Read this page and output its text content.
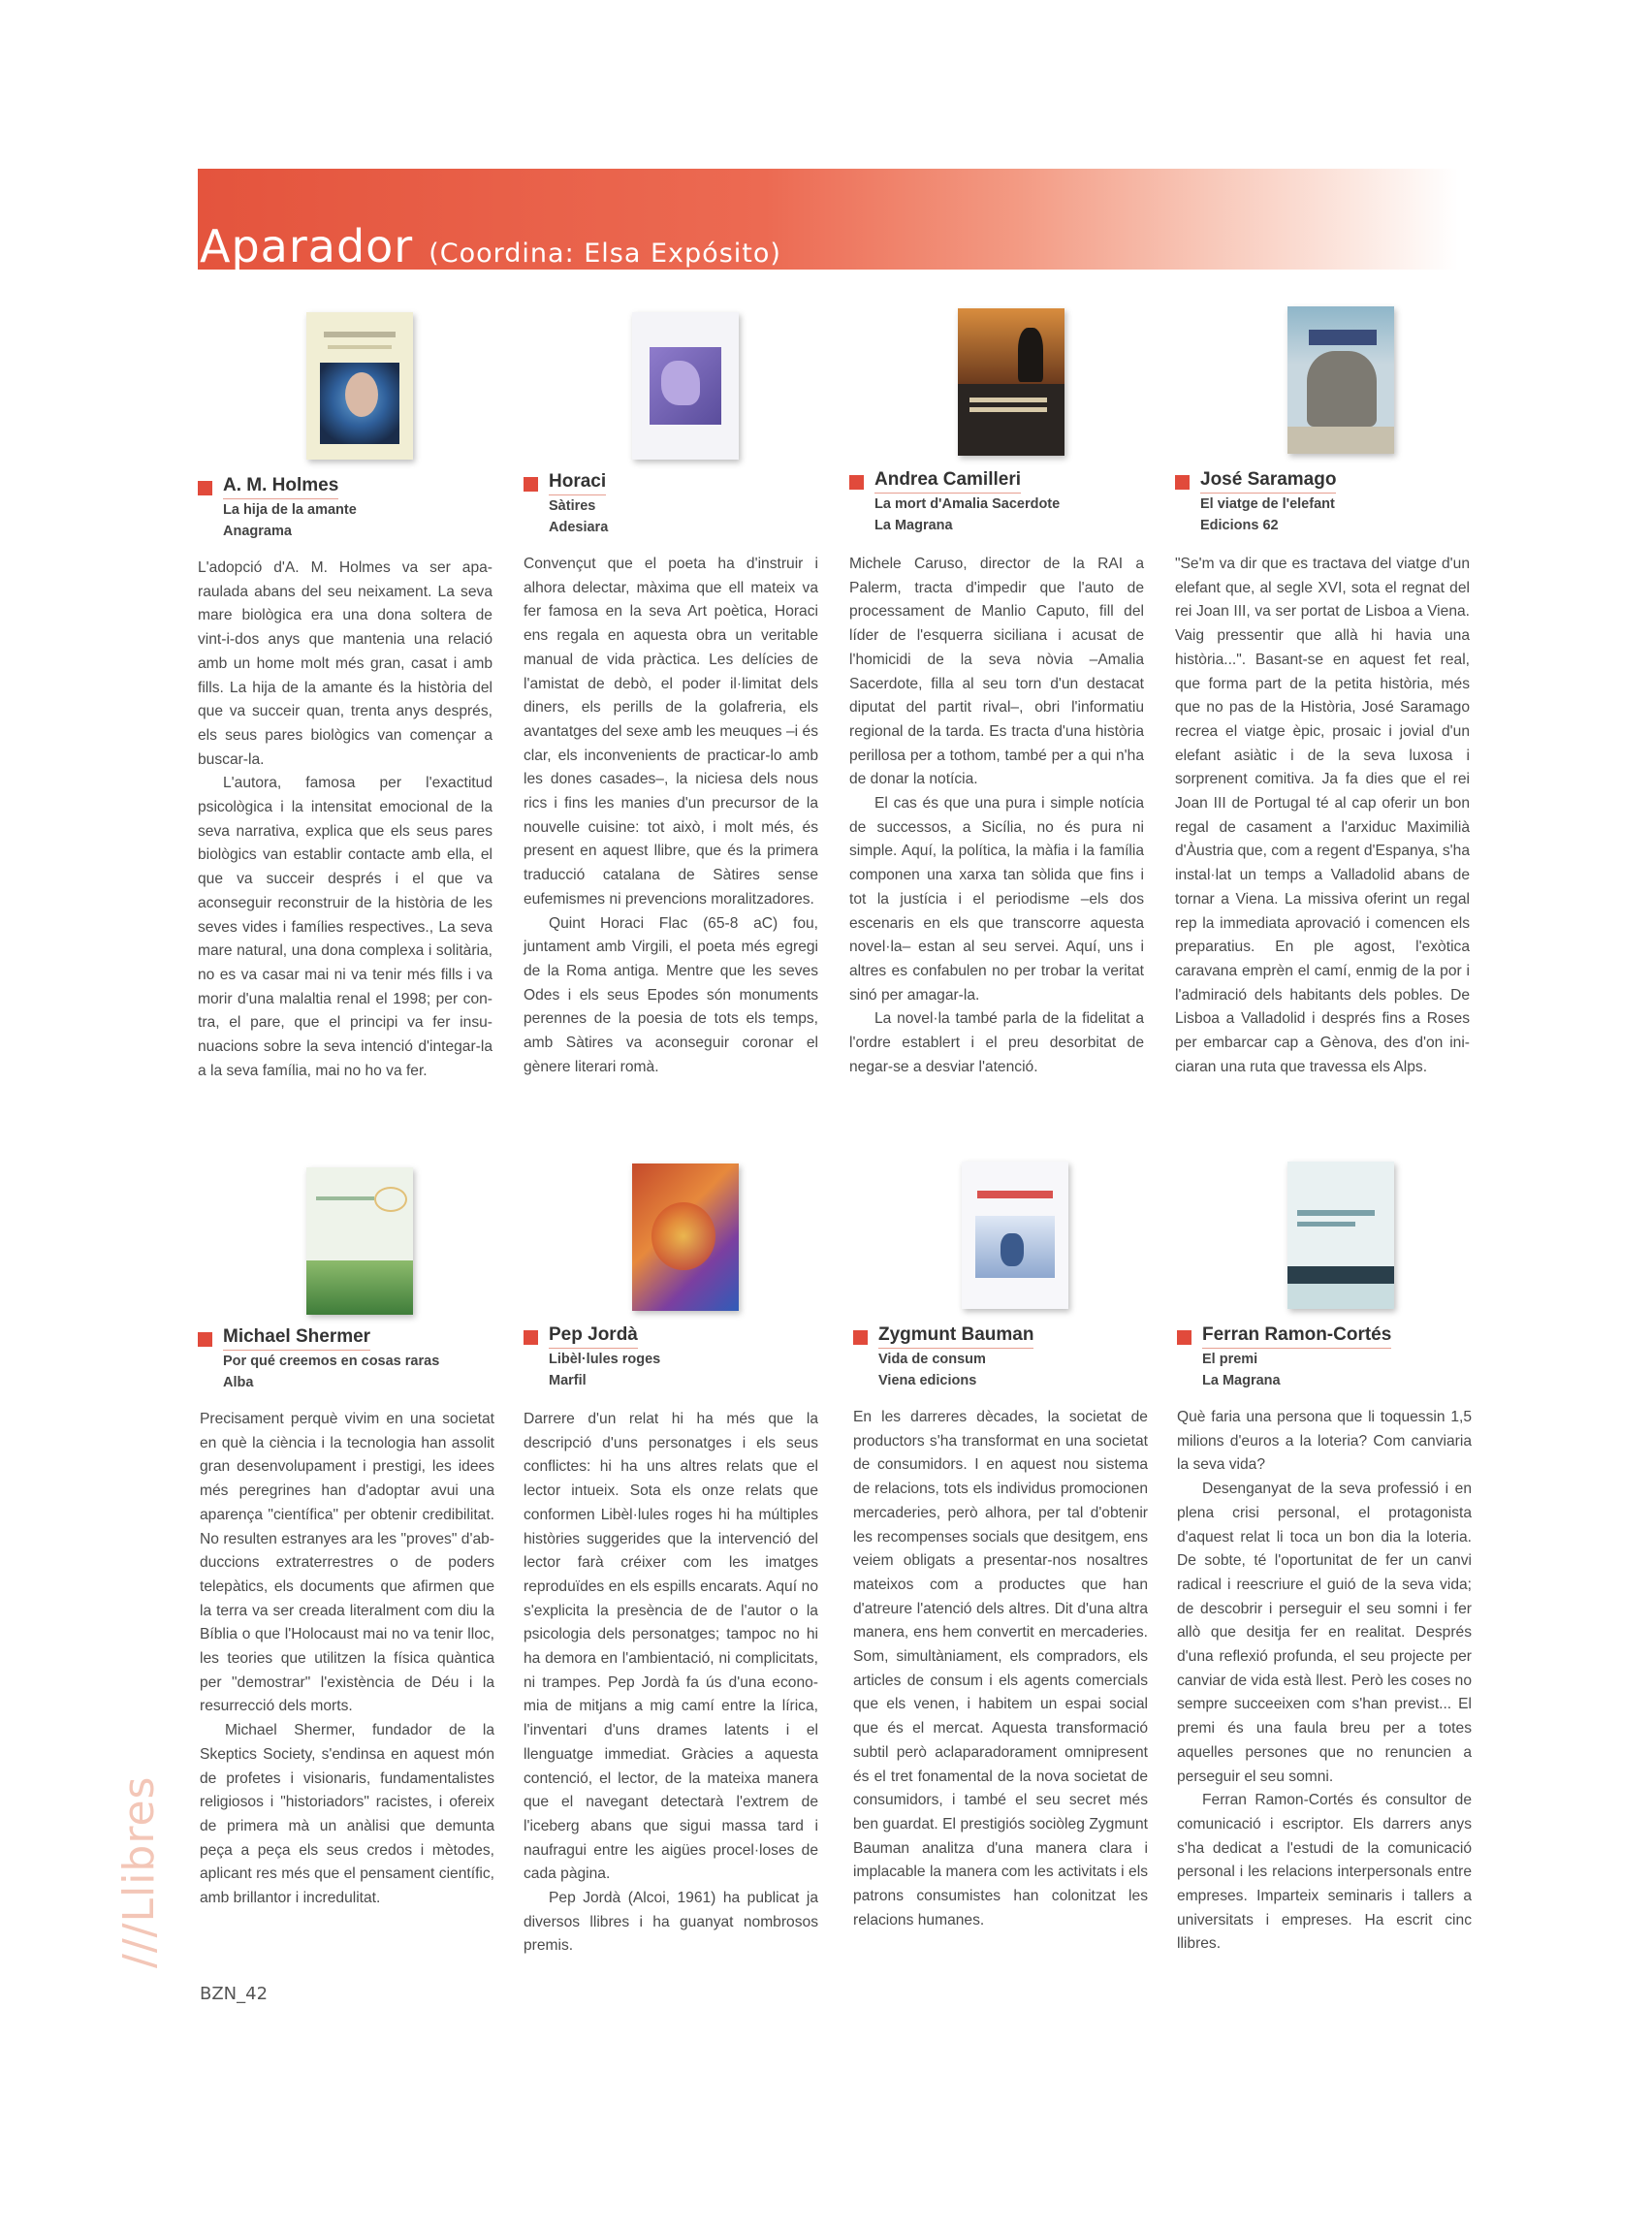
Aparador (Coordina: Elsa Expósito)
A. M. Holmes
La hija de la amante
Anagrama

L'adopció d'A. M. Holmes va ser aparaulada abans del seu neixament. La seva mare biològica era una dona soltera de vint-i-dos anys que mantenia una relació amb un home molt més gran, casat i amb fills. La hija de la amante és la història del que va succeir quan, trenta anys després, els seus pares biològics van començar a buscar-la.

L'autora, famosa per l'exactitud psicològica i la intensitat emocional de la seva narrativa, explica que els seus pares biològics van establir contacte amb ella, el que va succeir després i el que va aconseguir reconstruir de la història de les seves vides i famílies respectives., La seva mare natural, una dona complexa i solitària, no es va casar mai ni va tenir més fills i va morir d'una malaltia renal el 1998; per contra, el pare, que el principi va fer insunuacions sobre la seva intenció d'integar-la a la seva família, mai no ho va fer.

Horaci
Sàtires
Adesiara

Convençut que el poeta ha d'instruir i alhora delectar, màxima que ell mateix va fer famosa en la seva Art poètica, Horaci ens regala en aquesta obra un veritable manual de vida pràctica. Les delícies de l'amistat de debò, el poder il·limitat dels diners, els perills de la golafreria, els avantatges del sexe amb les meuques –i és clar, els inconvenients de practicar-lo amb les dones casades–, la niciesa dels nous rics i fins les manies d'un precursor de la nouvelle cuisine: tot això, i molt més, és present en aquest llibre, que és la primera traducció catalana de Sàtires sense eufemismes ni prevencions moralitzadores.

Quint Horaci Flac (65-8 aC) fou, juntament amb Virgili, el poeta més egregi de la Roma antiga. Mentre que les seves Odes i els seus Epodes són monuments perennes de la poesia de tots els temps, amb Sàtires va aconseguir coronar el gènere literari romà.

Andrea Camilleri
La mort d'Amalia Sacerdote
La Magrana

Michele Caruso, director de la RAI a Palerm, tracta d'impedir que l'auto de processament de Manlio Caputo, fill del líder de l'esquerra siciliana i acusat de l'homicidi de la seva nòvia –Amalia Sacerdote, filla al seu torn d'un destacat diputat del partit rival–, obri l'informatiu regional de la tarda. Es tracta d'una història perillosa per a tothom, també per a qui n'ha de donar la notícia.

El cas és que una pura i simple notícia de successos, a Sicília, no és pura ni simple. Aquí, la política, la màfia i la família componen una xarxa tan sòlida que fins i tot la justícia i el periodisme –els dos escenaris en els que transcorre aquesta novel·la– estan al seu servei. Aquí, uns i altres es confabulen no per trobar la veritat sinó per amagar-la.

La novel·la també parla de la fidelitat a l'ordre establert i el preu desorbitat de negar-se a desviar l'atenció.

José Saramago
El viatge de l'elefant
Edicions 62

"Se'm va dir que es tractava del viatge d'un elefant que, al segle XVI, sota el regnat del rei Joan III, va ser portat de Lisboa a Viena. Vaig pressentir que allà hi havia una història...". Basant-se en aquest fet real, que forma part de la petita història, més que no pas de la Història, José Saramago recrea el viatge èpic, prosaic i jovial d'un elefant asiàtic i de la seva luxosa i sorprenent comitiva. Ja fa dies que el rei Joan III de Portugal té al cap oferir un bon regal de casament a l'arxiduc Maximilià d'Àustria que, com a regent d'Espanya, s'ha instal·lat un temps a Valladolid abans de tornar a Viena. La missiva oferint un regal rep la immediata aprovació i comencen els preparatius. En ple agost, l'exòtica caravana emprèn el camí, enmig de la por i l'admiració dels habitants dels pobles. De Lisboa a Valladolid i després fins a Roses per embarcar cap a Gènova, des d'on iniciaran una ruta que travessa els Alps.

Michael Shermer
Por qué creemos en cosas raras
Alba

Precisament perquè vivim en una societat en què la ciència i la tecnologia han assolit gran desenvolupament i prestigi, les idees més peregrines han d'adoptar avui una aparença "científica" per obtenir credibilitat. No resulten estranyes ara les "proves" d'abduccions extraterrestres o de poders telepàtics, els documents que afirmen que la terra va ser creada literalment com diu la Bíblia o que l'Holocaust mai no va tenir lloc, les teories que utilitzen la física quàntica per "demostrar" l'existència de Déu i la resurrecció dels morts.

Michael Shermer, fundador de la Skeptics Society, s'endinsa en aquest món de profetes i visionaris, fundamentalistes religiosos i "historiadors" racistes, i ofereix de primera mà un anàlisi que demunta peça a peça els seus credos i mètodes, aplicant res més que el pensament científic, amb brillantor i incredulitat.

Pep Jordà
Libèl·lules roges
Marfil

Darrere d'un relat hi ha més que la descripció d'uns personatges i els seus conflictes: hi ha uns altres relats que el lector intueix. Sota els onze relats que conformen Libèl·lules roges hi ha múltiples històries suggerides que la intervenció del lector farà créixer com les imatges reproduïdes en els espills encarats. Aquí no s'explicita la presència de de l'autor o la psicologia dels personatges; tampoc no hi ha demora en l'ambientació, ni complicitats, ni trampes. Pep Jordà fa ús d'una economia de mitjans a mig camí entre la lírica, l'inventari d'uns drames latents i el llenguatge immediat. Gràcies a aquesta contenció, el lector, de la mateixa manera que el navegant detectarà l'extrem de l'iceberg abans que sigui massa tard i naufragui entre les aigües procel·loses de cada pàgina.

Pep Jordà (Alcoi, 1961) ha publicat ja diversos llibres i ha guanyat nombrosos premis.

Zygmunt Bauman
Vida de consum
Viena edicions

En les darreres dècades, la societat de productors s'ha transformat en una societat de consumidors. I en aquest nou sistema de relacions, tots els individus promocionen mercaderies, però alhora, per tal d'obtenir les recompenses socials que desitgem, ens veiem obligats a presentar-nos nosaltres mateixos com a productes que han d'atreure l'atenció dels altres. Dit d'una altra manera, ens hem convertit en mercaderies. Som, simultàniament, els compradors, els articles de consum i els agents comercials que els venen, i habitem un espai social que és el mercat. Aquesta transformació subtil però aclaparadorament omnipresent és el tret fonamental de la nova societat de consumidors, i també el seu secret més ben guardat. El prestigiós sociòleg Zygmunt Bauman analitza d'una manera clara i implacable la manera com les activitats i els patrons consumistes han colonitzat les relacions humanes.

Ferran Ramon-Cortés
El premi
La Magrana

Què faria una persona que li toquessin 1,5 milions d'euros a la loteria? Com canviaria la seva vida?

Desenganyat de la seva professió i en plena crisi personal, el protagonista d'aquest relat li toca un bon dia la loteria. De sobte, té l'oportunitat de fer un canvi radical i reescriure el guió de la seva vida; de descobrir i perseguir el seu somni i fer allò que desitja fer en realitat. Després d'una reflexió profunda, el seu projecte per canviar de vida està llest. Però les coses no sempre succeeixen com s'han previst... El premi és una faula breu per a totes aquelles persones que no renuncien a perseguir el seu somni.

Ferran Ramon-Cortés és consultor de comunicació i escriptor. Els darrers anys s'ha dedicat a l'estudi de la comunicació personal i les relacions interpersonals entre empreses. Imparteix seminaris i tallers a universitats i empreses. Ha escrit cinc llibres.

///Llibres
BZN_42
